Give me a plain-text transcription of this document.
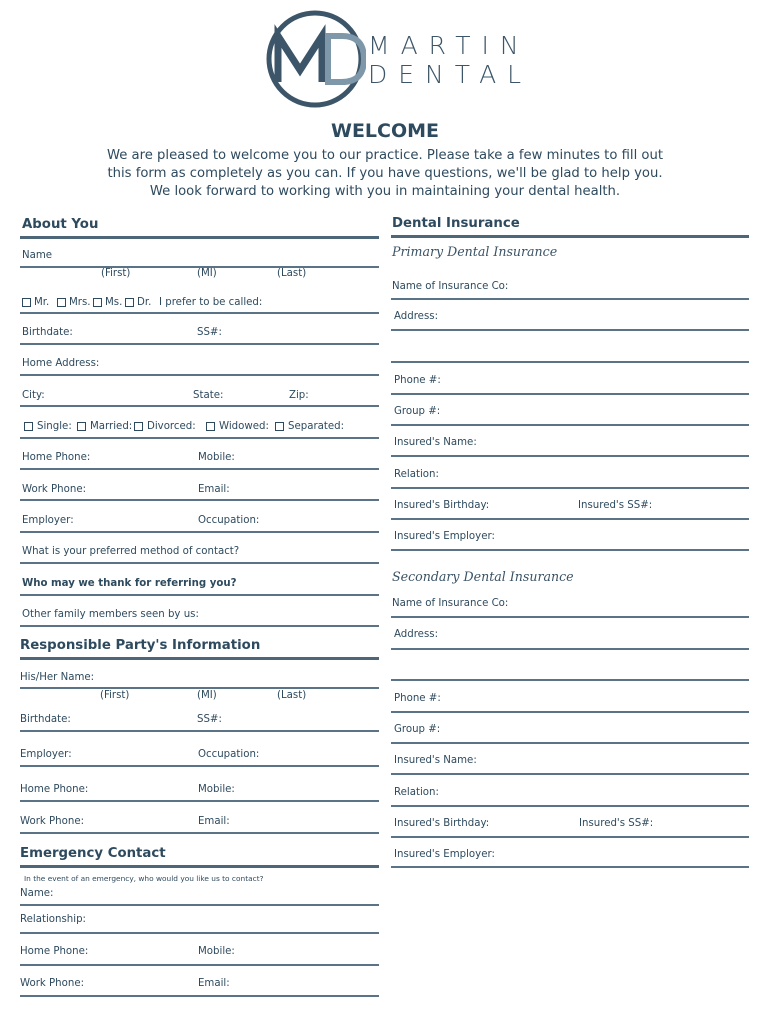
MARTIN
DENTAL
WELCOME
We are pleased to welcome you to our practice. Please take a few minutes to fill out
this form as completely as you can. If you have questions, we'll be glad to help you.
We look forward to working with you in maintaining your dental health.
About You
Name
(First)	(MI)	(Last)
Mr. Mrs. Ms. Dr. I prefer to be called:
Birthdate:	SS#:
Home Address:
City:	State:	Zip:
Single: Married: Divorced: Widowed: Separated:
Home Phone:	Mobile:
Work Phone:	Email:
Employer:	Occupation:
What is your preferred method of contact?
Who may we thank for referring you?
Other family members seen by us:
Responsible Party's Information
His/Her Name:
(First)	(MI)	(Last)
Birthdate:	SS#:
Employer:	Occupation:
Home Phone:	Mobile:
Work Phone:	Email:
Emergency Contact
In the event of an emergency, who would you like us to contact?
Name:
Relationship:
Home Phone:	Mobile:
Work Phone:	Email:
Dental Insurance
Primary Dental Insurance
Name of Insurance Co:
Address:
Phone #:
Group #:
Insured's Name:
Relation:
Insured's Birthday:	Insured's SS#:
Insured's Employer:
Secondary Dental Insurance
Name of Insurance Co:
Address:
Phone #:
Group #:
Insured's Name:
Relation:
Insured's Birthday:	Insured's SS#:
Insured's Employer:
